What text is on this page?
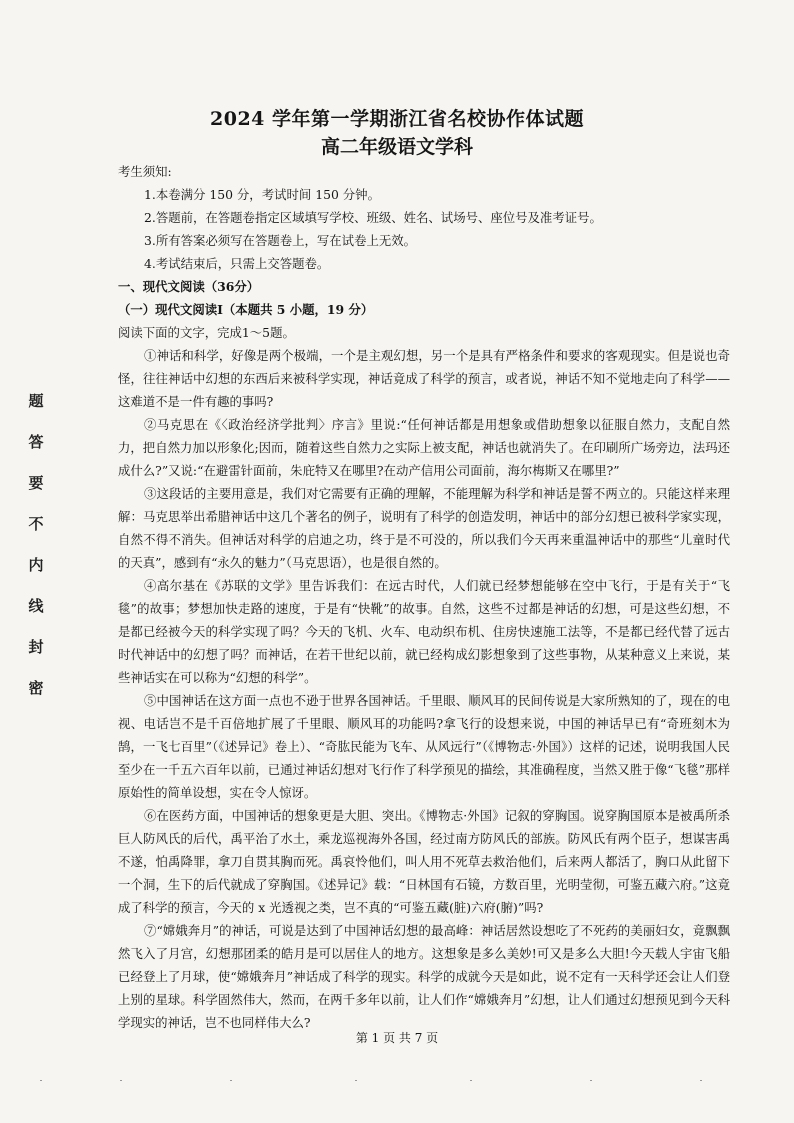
2024 学年第一学期浙江省名校协作体试题
高二年级语文学科
题
答
要
不
内
线
封
密
考生须知:
1.本卷满分 150 分，考试时间 150 分钟。
2.答题前，在答题卷指定区域填写学校、班级、姓名、试场号、座位号及准考证号。
3.所有答案必须写在答题卷上，写在试卷上无效。
4.考试结束后，只需上交答题卷。
一、现代文阅读（36分）
（一）现代文阅读Ⅰ（本题共 5 小题，19 分）
阅读下面的文字，完成1～5题。
①神话和科学，好像是两个极端，一个是主观幻想，另一个是具有严格条件和要求的客观现实。但是说也奇怪，往往神话中幻想的东西后来被科学实现，神话竟成了科学的预言，或者说，神话不知不觉地走向了科学——这难道不是一件有趣的事吗?
②马克思在《〈政治经济学批判〉序言》里说:“任何神话都是用想象或借助想象以征服自然力，支配自然力，把自然力加以形象化;因而，随着这些自然力之实际上被支配，神话也就消失了。在印刷所广场旁边，法玛还成什么?”又说:“在避雷针面前，朱庇特又在哪里?在动产信用公司面前，海尔梅斯又在哪里?”
③这段话的主要用意是，我们对它需要有正确的理解，不能理解为科学和神话是誓不两立的。只能这样来理解：马克思举出希腊神话中这几个著名的例子，说明有了科学的创造发明，神话中的部分幻想已被科学家实现，自然不得不消失。但神话对科学的启迪之功，终于是不可没的，所以我们今天再来重温神话中的那些“儿童时代的天真”，感到有“永久的魅力”（马克思语），也是很自然的。
④高尔基在《苏联的文学》里告诉我们：在远古时代，人们就已经梦想能够在空中飞行，于是有关于“飞毯”的故事；梦想加快走路的速度，于是有“快靴”的故事。自然，这些不过都是神话的幻想，可是这些幻想，不是都已经被今天的科学实现了吗？今天的飞机、火车、电动织布机、住房快速施工法等，不是都已经代替了远古时代神话中的幻想了吗？而神话，在若干世纪以前，就已经构成幻影想象到了这些事物，从某种意义上来说，某些神话实在可以称为“幻想的科学”。
⑤中国神话在这方面一点也不逊于世界各国神话。千里眼、顺风耳的民间传说是大家所熟知的了，现在的电视、电话岂不是千百倍地扩展了千里眼、顺风耳的功能吗?拿飞行的设想来说，中国的神话早已有“奇班刻木为鹄，一飞七百里”（《述异记》卷上）、“奇肱民能为飞车、从风远行”（《博物志·外国》）这样的记述，说明我国人民至少在一千五六百年以前，已通过神话幻想对飞行作了科学预见的描绘，其准确程度，当然又胜于像“飞毯”那样原始性的简单设想，实在令人惊讶。
⑥在医药方面，中国神话的想象更是大胆、突出。《博物志·外国》记叙的穿胸国。说穿胸国原本是被禹所杀巨人防风氏的后代，禹平治了水土，乘龙巡视海外各国，经过南方防风氏的部族。防风氏有两个臣子，想谋害禹不遂，怕禹降罪，拿刀自贯其胸而死。禹哀怜他们，叫人用不死草去救治他们，后来两人都活了，胸口从此留下一个洞，生下的后代就成了穿胸国。《述异记》载：“日林国有石镜，方数百里，光明莹彻，可鉴五藏六府。”这竟成了科学的预言，今天的 x 光透视之类，岂不真的“可鉴五藏(脏)六府(腑)”吗?
⑦“嫦娥奔月”的神话，可说是达到了中国神话幻想的最高峰：神话居然设想吃了不死药的美丽妇女，竟飘飘然飞入了月宫，幻想那团柔的皓月是可以居住人的地方。这想象是多么美妙!可又是多么大胆!今天载人宇宙飞船已经登上了月球，使“嫦娥奔月”神话成了科学的现实。科学的成就今天是如此，说不定有一天科学还会让人们登上别的星球。科学固然伟大，然而，在两千多年以前，让人们作“嫦娥奔月”幻想，让人们通过幻想预见到今天科学现实的神话，岂不也同样伟大么?
第 1 页 共 7 页
